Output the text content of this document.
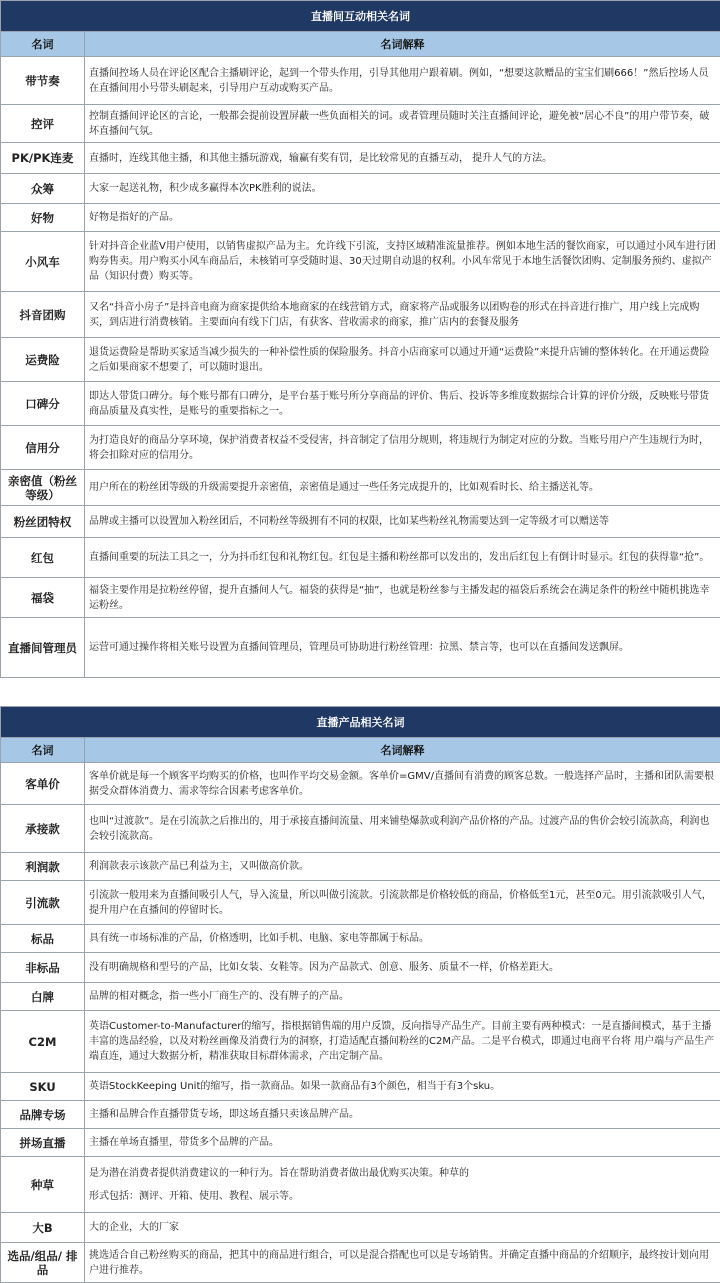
直播间互动相关名词	
名词	名词解释
带节奏	直播间控场人员在评论区配合主播刷评论，起到一个带头作用，引导其他用户跟着刷。例如，“想要这款赠品的宝宝们刷666！”然后控场人员在直播间用小号带头刷起来，引导用户互动或购买产品。
控评	控制直播间评论区的言论，一般都会提前设置屏蔽一些负面相关的词。或者管理员随时关注直播间评论，避免被“居心不良”的用户带节奏，破坏直播间气氛。
PK/PK连麦	直播时，连线其他主播，和其他主播玩游戏，输赢有奖有罚，是比较常见的直播互动， 提升人气的方法。
众筹	大家一起送礼物，积少成多赢得本次PK胜利的说法。
好物	好物是指好的产品。
小风车	针对抖音企业蓝V用户使用，以销售虚拟产品为主。允许线下引流，支持区域精准流量推荐。例如本地生活的餐饮商家，可以通过小风车进行团购券售卖。用户购买小风车商品后，未核销可享受随时退、30天过期自动退的权利。小风车常见于本地生活餐饮团购、定制服务预约、虚拟产品（知识付费）购买等。
抖音团购	又名“抖音小房子”是抖音电商为商家提供给本地商家的在线营销方式，商家将产品或服务以团购卷的形式在抖音进行推广，用户线上完成购买，到店进行消费核销。主要面向有线下门店，有获客、营收需求的商家，推广店内的套餐及服务
运费险	退货运费险是帮助买家适当减少损失的一种补偿性质的保险服务。抖音小店商家可以通过开通“运费险”来提升店铺的整体转化。在开通运费险之后如果商家不想要了，可以随时退出。
口碑分	即达人带货口碑分。每个账号都有口碑分，是平台基于账号所分享商品的评价、售后、投诉等多维度数据综合计算的评价分级，反映账号带货商品质量及真实性，是账号的重要指标之一。
信用分	为打造良好的商品分享环境，保护消费者权益不受侵害，抖音制定了信用分规则，将违规行为制定对应的分数。当账号用户产生违规行为时，将会扣除对应的信用分。
亲密值（粉丝等级）	用户所在的粉丝团等级的升级需要提升亲密值，亲密值是通过一些任务完成提升的，比如观看时长、给主播送礼等。
粉丝团特权	品牌或主播可以设置加入粉丝团后，不同粉丝等级拥有不同的权限，比如某些粉丝礼物需要达到一定等级才可以赠送等
红包	直播间重要的玩法工具之一，分为抖币红包和礼物红包。红包是主播和粉丝都可以发出的，发出后红包上有倒计时显示。红包的获得靠“抢”。
福袋	福袋主要作用是拉粉丝停留，提升直播间人气。福袋的获得是“抽”，也就是粉丝参与主播发起的福袋后系统会在满足条件的粉丝中随机挑选幸运粉丝。
直播间管理员	运营可通过操作将相关账号设置为直播间管理员，管理员可协助进行粉丝管理：拉黑、禁言等，也可以在直播间发送飘屏。
直播产品相关名词	
名词	名词解释
客单价	客单价就是每一个顾客平均购买的价格，也叫作平均交易金额。客单价=GMV/直播间有消费的顾客总数。一般选择产品时，主播和团队需要根据受众群体消费力、需求等综合因素考虑客单价。
承接款	也叫“过渡款”。是在引流款之后推出的，用于承接直播间流量、用来铺垫爆款或利润产品价格的产品。过渡产品的售价会较引流款高，利润也会较引流款高。
利润款	利润款表示该款产品已利益为主，又叫做高价款。
引流款	引流款一般用来为直播间吸引人气，导入流量，所以叫做引流款。引流款都是价格较低的商品，价格低至1元，甚至0元。用引流款吸引人气，提升用户在直播间的停留时长。
标品	具有统一市场标准的产品，价格透明，比如手机、电脑、家电等都属于标品。
非标品	没有明确规格和型号的产品，比如女装、女鞋等。因为产品款式、创意、服务、质量不一样，价格差距大。
白牌	品牌的相对概念，指一些小厂商生产的、没有牌子的产品。
C2M	英语Customer-to-Manufacturer的缩写，指根据销售端的用户反馈，反向指导产品生产。目前主要有两种模式：一是直播间模式，基于主播丰富的选品经验，以及对粉丝画像及消费行为的洞察，打造适配直播间粉丝的C2M产品。二是平台模式，即通过电商平台将 用户端与产品生产端直连，通过大数据分析，精准获取目标群体需求，产出定制产品。
SKU	英语StockKeeping Unit的缩写，指一款商品。如果一款商品有3个颜色，相当于有3个sku。
品牌专场	主播和品牌合作直播带货专场，即这场直播只卖该品牌产品。
拼场直播	主播在单场直播里，带货多个品牌的产品。
种草	是为潜在消费者提供消费建议的一种行为。旨在帮助消费者做出最优购买决策。种草的
形式包括：测评、开箱、使用、教程、展示等。

大B	大的企业，大的厂家
选品/组品/ 排品	挑选适合自己粉丝购买的商品，把其中的商品进行组合，可以是混合搭配也可以是专场销售。并确定直播中商品的介绍顺序，最终按计划向用户进行推荐。
